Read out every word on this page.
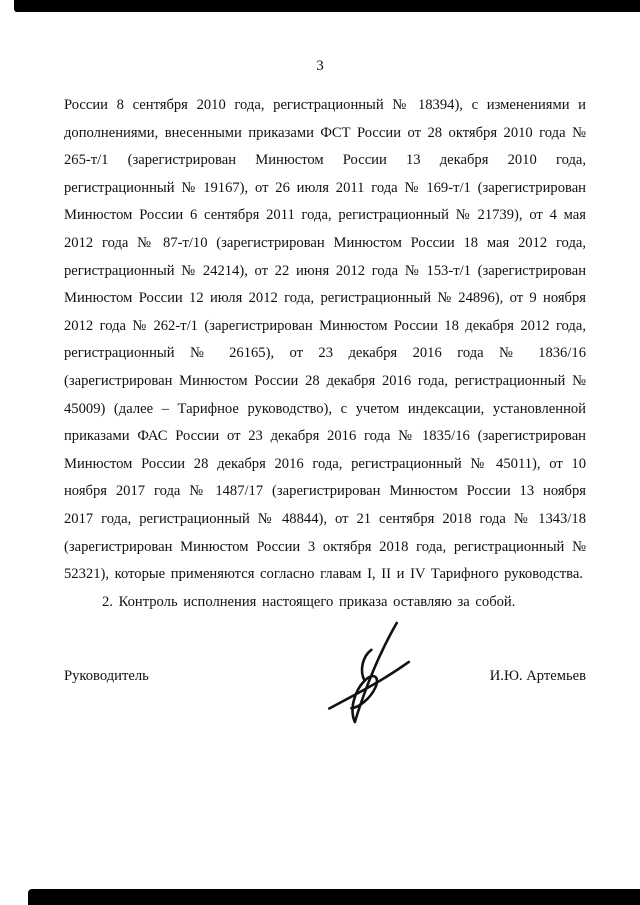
3

России 8 сентября 2010 года, регистрационный № 18394), с изменениями и дополнениями, внесенными приказами ФСТ России от 28 октября 2010 года № 265-т/1 (зарегистрирован Минюстом России 13 декабря 2010 года, регистрационный № 19167), от 26 июля 2011 года № 169-т/1 (зарегистрирован Минюстом России 6 сентября 2011 года, регистрационный № 21739), от 4 мая 2012 года № 87-т/10 (зарегистрирован Минюстом России 18 мая 2012 года, регистрационный № 24214), от 22 июня 2012 года № 153-т/1 (зарегистрирован Минюстом России 12 июля 2012 года, регистрационный № 24896), от 9 ноября 2012 года № 262-т/1 (зарегистрирован Минюстом России 18 декабря 2012 года, регистрационный № 26165), от 23 декабря 2016 года № 1836/16 (зарегистрирован Минюстом России 28 декабря 2016 года, регистрационный № 45009) (далее – Тарифное руководство), с учетом индексации, установленной приказами ФАС России от 23 декабря 2016 года № 1835/16 (зарегистрирован Минюстом России 28 декабря 2016 года, регистрационный № 45011), от 10 ноября 2017 года № 1487/17 (зарегистрирован Минюстом России 13 ноября 2017 года, регистрационный № 48844), от 21 сентября 2018 года № 1343/18 (зарегистрирован Минюстом России 3 октября 2018 года, регистрационный № 52321), которые применяются согласно главам I, II и IV Тарифного руководства.

2. Контроль исполнения настоящего приказа оставляю за собой.

Руководитель	И.Ю. Артемьев
